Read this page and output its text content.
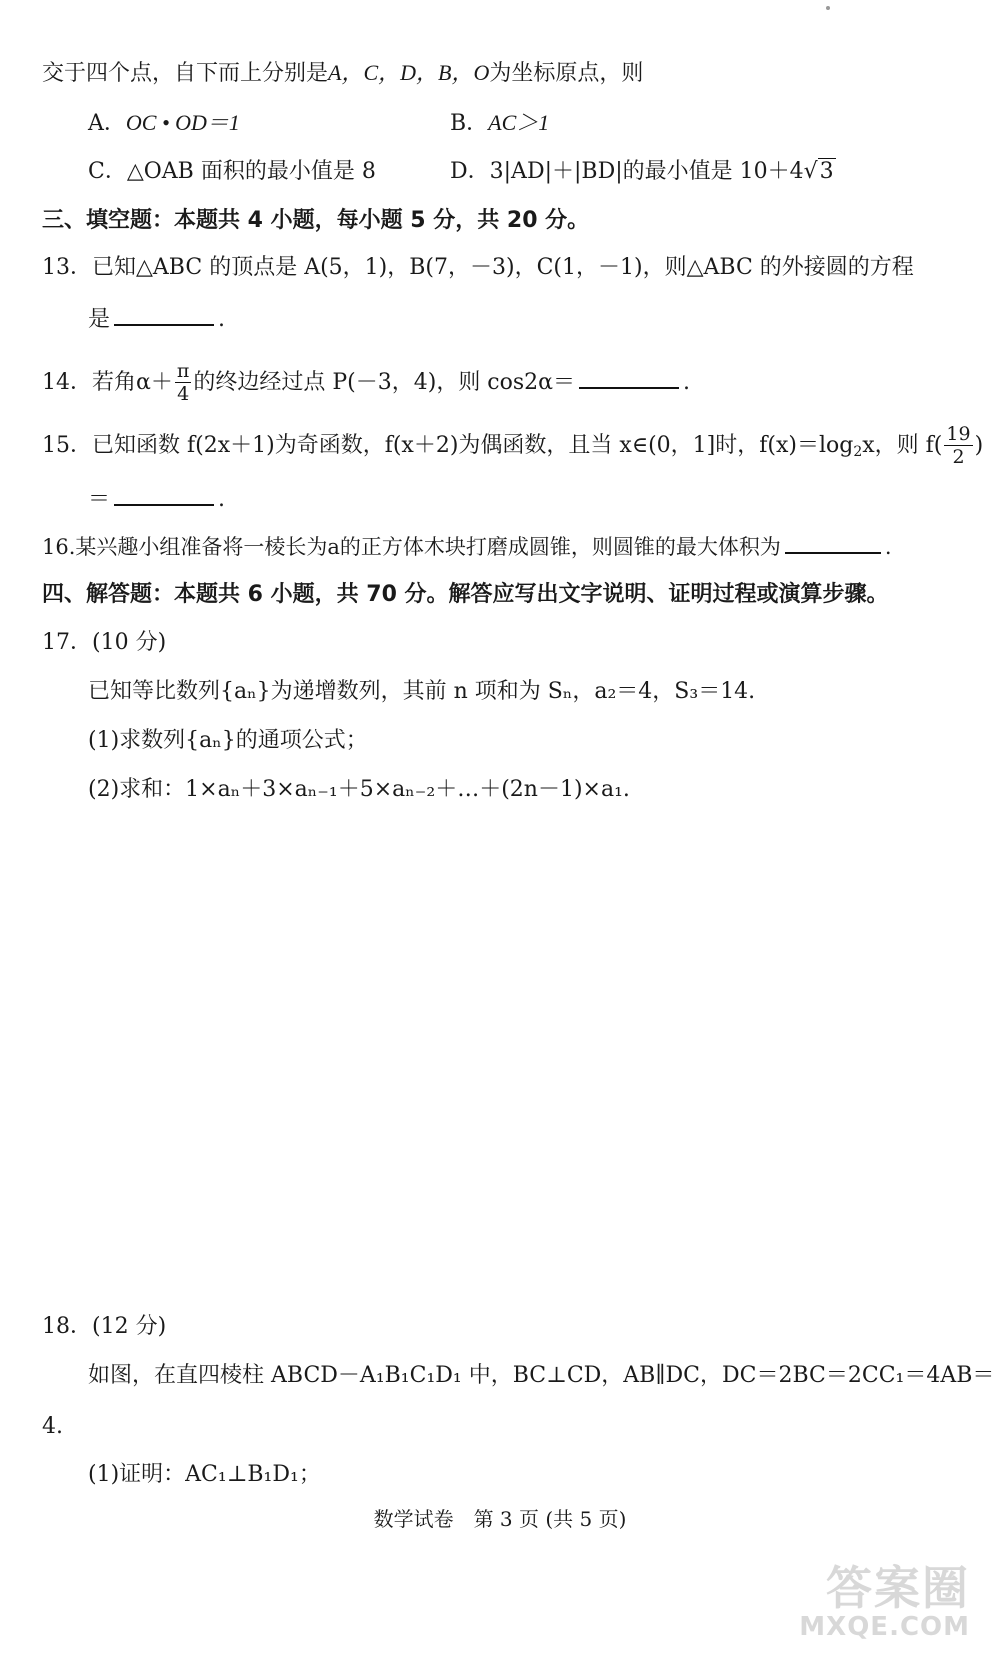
交于四个点，自下而上分别是A，C，D，B，O为坐标原点，则
A．OC • OD＝1	B．AC＞1
C．△OAB 面积的最小值是 8	D．3|AD|＋|BD|的最小值是 10＋4√3
三、填空题：本题共 4 小题，每小题 5 分，共 20 分。
13．已知△ABC 的顶点是 A(5，1)，B(7，－3)，C(1，－1)，则△ABC 的外接圆的方程
是	.
14．若角$\alpha+ \frac{\pi}{4}$ 的终边经过点 P(－3，4)，则 cos2α＝	.
15．已知函数 f(2x＋1)为奇函数，f(x＋2)为偶函数，且当 x∈(0，1]时，$f(x)=\log_2x$，则 $f( \frac{19}{2}$ )
＝	.
16.某兴趣小组准备将一棱长为a的正方体木块打磨成圆锥，则圆锥的最大体积为	.
四、解答题：本题共 6 小题，共 70 分。解答应写出文字说明、证明过程或演算步骤。
17．(10 分)
已知等比数列{aₙ}为递增数列，其前 n 项和为 Sₙ，a₂＝4，S₃＝14.
(1)求数列{aₙ}的通项公式；
(2)求和：1×aₙ＋3×aₙ₋₁＋5×aₙ₋₂＋…＋(2n－1)×a₁.
18．(12 分)
如图，在直四棱柱 ABCD－A₁B₁C₁D₁ 中，BC⊥CD，AB∥DC，DC＝2BC＝2CC₁＝4AB＝
4.
(1)证明：AC₁⊥B₁D₁；
数学试卷　第 3 页 (共 5 页)
答案圈
MXQE.COM
